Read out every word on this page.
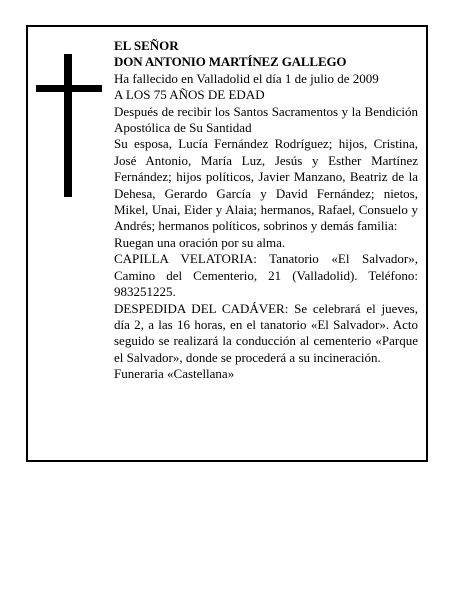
EL SEÑOR

DON ANTONIO MARTÍNEZ GALLEGO

Ha fallecido en Valladolid el día 1 de julio de 2009

A LOS 75 AÑOS DE EDAD

Después de recibir los Santos Sacramentos y la Bendición Apostólica de Su Santidad

Su esposa, Lucía Fernández Rodríguez; hijos, Cristina, José Antonio, María Luz, Jesús y Esther Martínez Fernández; hijos políticos, Javier Manzano, Beatriz de la Dehesa, Gerardo García y David Fernández; nietos, Mikel, Unai, Eider y Alaia; hermanos, Rafael, Consuelo y Andrés; hermanos políticos, sobrinos y demás familia:

Ruegan una oración por su alma.

CAPILLA VELATORIA: Tanatorio «El Salvador», Camino del Cementerio, 21 (Valladolid). Teléfono: 983251225.

DESPEDIDA DEL CADÁVER: Se celebrará el jueves, día 2, a las 16 horas, en el tanatorio «El Salvador». Acto seguido se realizará la conducción al cementerio «Parque el Salvador», donde se procederá a su incineración.

Funeraria «Castellana»
